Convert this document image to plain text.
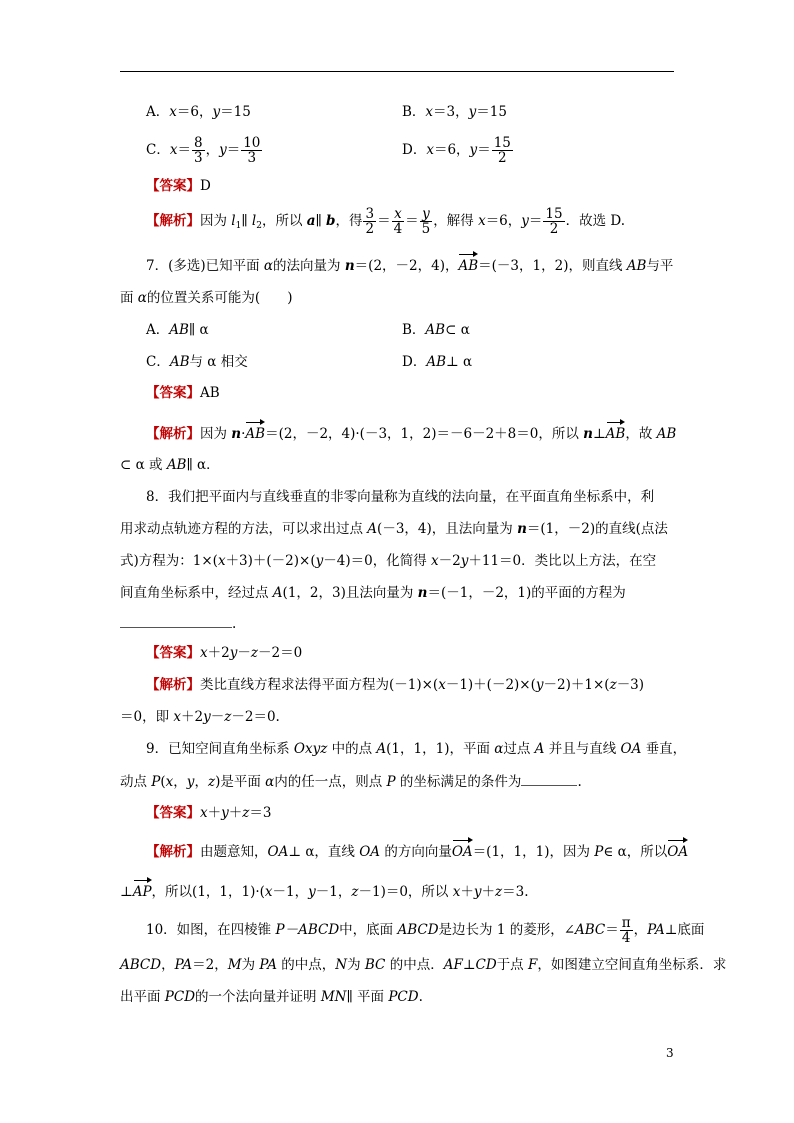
A．x＝6，y＝15	B．x＝3，y＝15
C．$x= \frac{8}{3}$ ，$y= \frac{10}{3}$	D．x＝6，$y= \frac{15}{2}$
【答案】D
【解析】因为 $l_1\parallel$ $l_2$，所以 a∥ b，得 $\frac{3}{2} = \frac{x}{4} = \frac{y}{5}$ ，解得 x＝6，$y= \frac{15}{2}$ ．故选 D.
7．(多选)已知平面 α的法向量为 n＝(2，－2，4)，AB＝(－3，1，2)，则直线 AB与平
面 α的位置关系可能为(　　)
A．AB∥ α	B．AB⊂ α
C．AB与 α 相交	D．AB⊥ α
【答案】AB
【解析】因为 n·AB＝(2，－2，4)·(－3，1，2)＝－6－2＋8＝0，所以 n⊥AB，故 AB
⊂ α 或 AB∥ α．
8．我们把平面内与直线垂直的非零向量称为直线的法向量，在平面直角坐标系中，利
用求动点轨迹方程的方法，可以求出过点 A(－3，4)，且法向量为 n＝(1，－2)的直线(点法
式)方程为：1×(x＋3)＋(－2)×(y－4)＝0，化简得 x－2y＋11＝0．类比以上方法，在空
间直角坐标系中，经过点 A(1，2，3)且法向量为 n＝(－1，－2，1)的平面的方程为
.
【答案】x＋2y－z－2＝0
【解析】类比直线方程求法得平面方程为(－1)×(x－1)＋(－2)×(y－2)＋1×(z－3)
＝0，即 x＋2y－z－2＝0.
9．已知空间直角坐标系 Oxyz 中的点 A(1，1，1)，平面 α过点 A 并且与直线 OA 垂直，
动点 P(x，y，z)是平面 α内的任一点，则点 P 的坐标满足的条件为	.
【答案】x＋y＋z＝3
【解析】由题意知，OA⊥ α，直线 OA 的方向向量OA＝(1，1，1)，因为 P∈ α，所以OA
⊥AP，所以(1，1，1)·(x－1，y－1，z－1)＝0，所以 x＋y＋z＝3.
10．如图，在四棱锥 P－ABCD中，底面 ABCD是边长为 1 的菱形，∠ABC＝ $\frac{\pi}{4}$ ，PA⊥底面
ABCD，PA＝2，M为 PA 的中点，N为 BC 的中点．AF⊥CD于点 F，如图建立空间直角坐标系．求
出平面 PCD的一个法向量并证明 MN∥ 平面 PCD.
3
